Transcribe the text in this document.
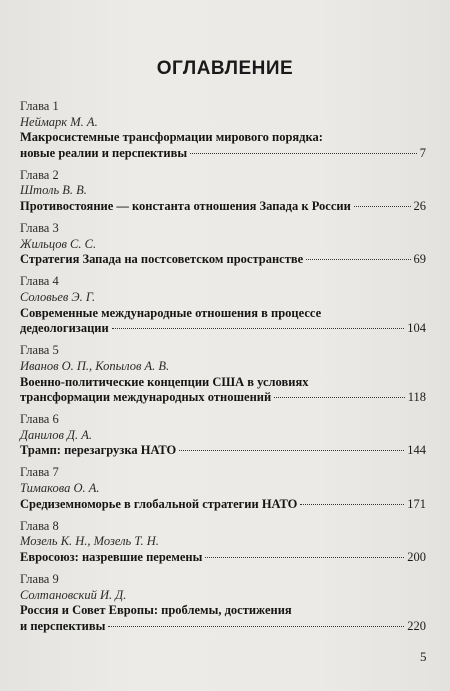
ОГЛАВЛЕНИЕ
Глава 1
Неймарк М. А.
Макросистемные трансформации мирового порядка:
новые реалии и перспективы	7
Глава 2
Штоль В. В.
Противостояние — константа отношения Запада к России	26
Глава 3
Жильцов С. С.
Стратегия Запада на постсоветском пространстве	69
Глава 4
Соловьев Э. Г.
Современные международные отношения в процессе
дедеологизации	104
Глава 5
Иванов О. П., Копылов А. В.
Военно-политические концепции США в условиях
трансформации международных отношений	118
Глава 6
Данилов Д. А.
Трамп: перезагрузка НАТО	144
Глава 7
Тимакова О. А.
Средиземноморье в глобальной стратегии НАТО	171
Глава 8
Мозель К. Н., Мозель Т. Н.
Евросоюз: назревшие перемены	200
Глава 9
Солтановский И. Д.
Россия и Совет Европы: проблемы, достижения
и перспективы	220
5
